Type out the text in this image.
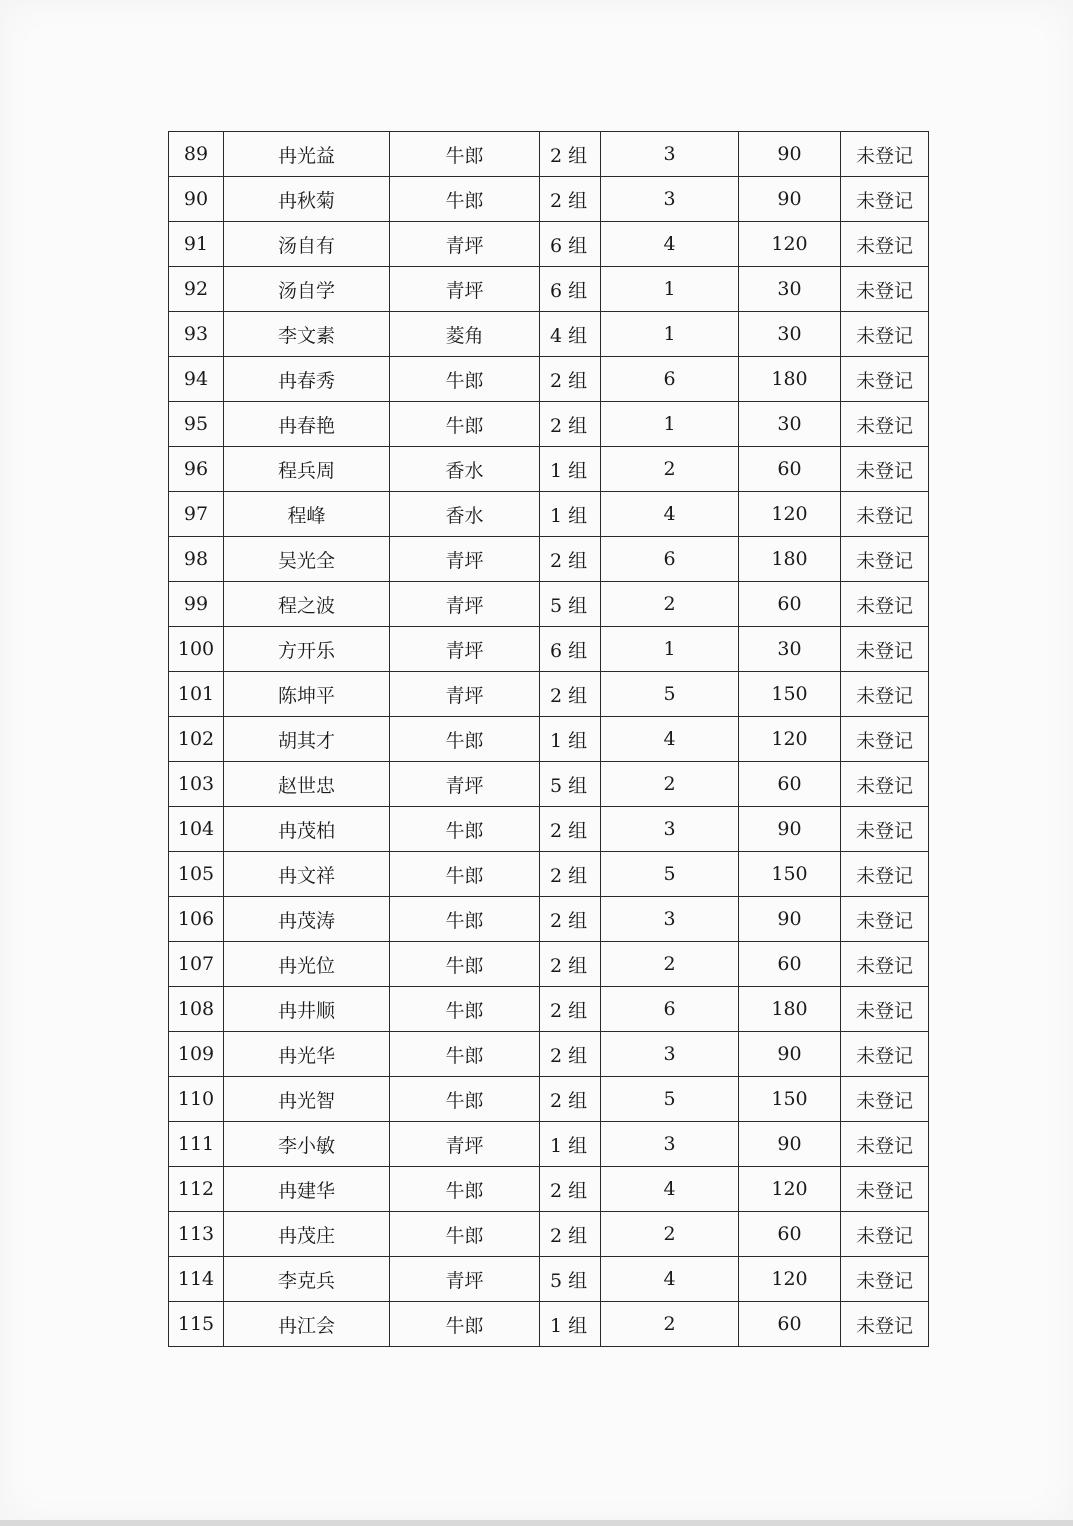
89	冉光益	牛郎	2 组	3	90	未登记
90	冉秋菊	牛郎	2 组	3	90	未登记
91	汤自有	青坪	6 组	4	120	未登记
92	汤自学	青坪	6 组	1	30	未登记
93	李文素	菱角	4 组	1	30	未登记
94	冉春秀	牛郎	2 组	6	180	未登记
95	冉春艳	牛郎	2 组	1	30	未登记
96	程兵周	香水	1 组	2	60	未登记
97	程峰	香水	1 组	4	120	未登记
98	吴光全	青坪	2 组	6	180	未登记
99	程之波	青坪	5 组	2	60	未登记
100	方开乐	青坪	6 组	1	30	未登记
101	陈坤平	青坪	2 组	5	150	未登记
102	胡其才	牛郎	1 组	4	120	未登记
103	赵世忠	青坪	5 组	2	60	未登记
104	冉茂柏	牛郎	2 组	3	90	未登记
105	冉文祥	牛郎	2 组	5	150	未登记
106	冉茂涛	牛郎	2 组	3	90	未登记
107	冉光位	牛郎	2 组	2	60	未登记
108	冉井顺	牛郎	2 组	6	180	未登记
109	冉光华	牛郎	2 组	3	90	未登记
110	冉光智	牛郎	2 组	5	150	未登记
111	李小敏	青坪	1 组	3	90	未登记
112	冉建华	牛郎	2 组	4	120	未登记
113	冉茂庄	牛郎	2 组	2	60	未登记
114	李克兵	青坪	5 组	4	120	未登记
115	冉江会	牛郎	1 组	2	60	未登记
